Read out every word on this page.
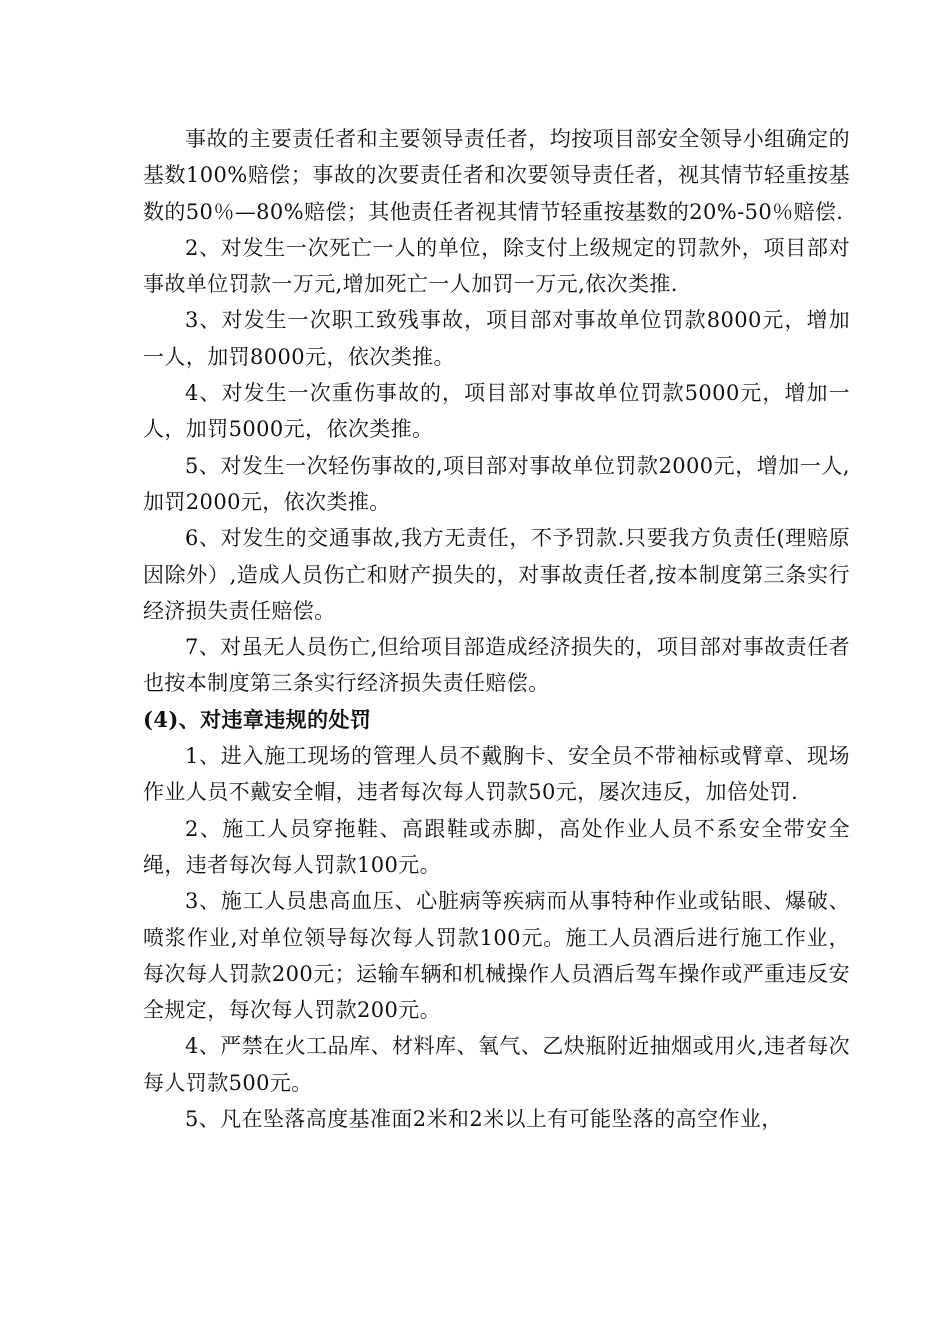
事故的主要责任者和主要领导责任者，均按项目部安全领导小组确定的基数100%赔偿；事故的次要责任者和次要领导责任者，视其情节轻重按基数的50％—80%赔偿；其他责任者视其情节轻重按基数的20%-50％赔偿.

2、对发生一次死亡一人的单位，除支付上级规定的罚款外，项目部对事故单位罚款一万元,增加死亡一人加罚一万元,依次类推.

3、对发生一次职工致残事故，项目部对事故单位罚款8000元，增加一人，加罚8000元，依次类推。

4、对发生一次重伤事故的，项目部对事故单位罚款5000元，增加一人，加罚5000元，依次类推。

5、对发生一次轻伤事故的,项目部对事故单位罚款2000元，增加一人,加罚2000元，依次类推。

6、对发生的交通事故,我方无责任，不予罚款.只要我方负责任(理赔原因除外）,造成人员伤亡和财产损失的，对事故责任者,按本制度第三条实行经济损失责任赔偿。

7、对虽无人员伤亡,但给项目部造成经济损失的，项目部对事故责任者也按本制度第三条实行经济损失责任赔偿。

(4)、对违章违规的处罚

1、进入施工现场的管理人员不戴胸卡、安全员不带袖标或臂章、现场作业人员不戴安全帽，违者每次每人罚款50元，屡次违反，加倍处罚.

2、施工人员穿拖鞋、高跟鞋或赤脚，高处作业人员不系安全带安全绳，违者每次每人罚款100元。

3、施工人员患高血压、心脏病等疾病而从事特种作业或钻眼、爆破、喷浆作业,对单位领导每次每人罚款100元。施工人员酒后进行施工作业，每次每人罚款200元；运输车辆和机械操作人员酒后驾车操作或严重违反安全规定，每次每人罚款200元。

4、严禁在火工品库、材料库、氧气、乙炔瓶附近抽烟或用火,违者每次每人罚款500元。

5、凡在坠落高度基准面2米和2米以上有可能坠落的高空作业，
